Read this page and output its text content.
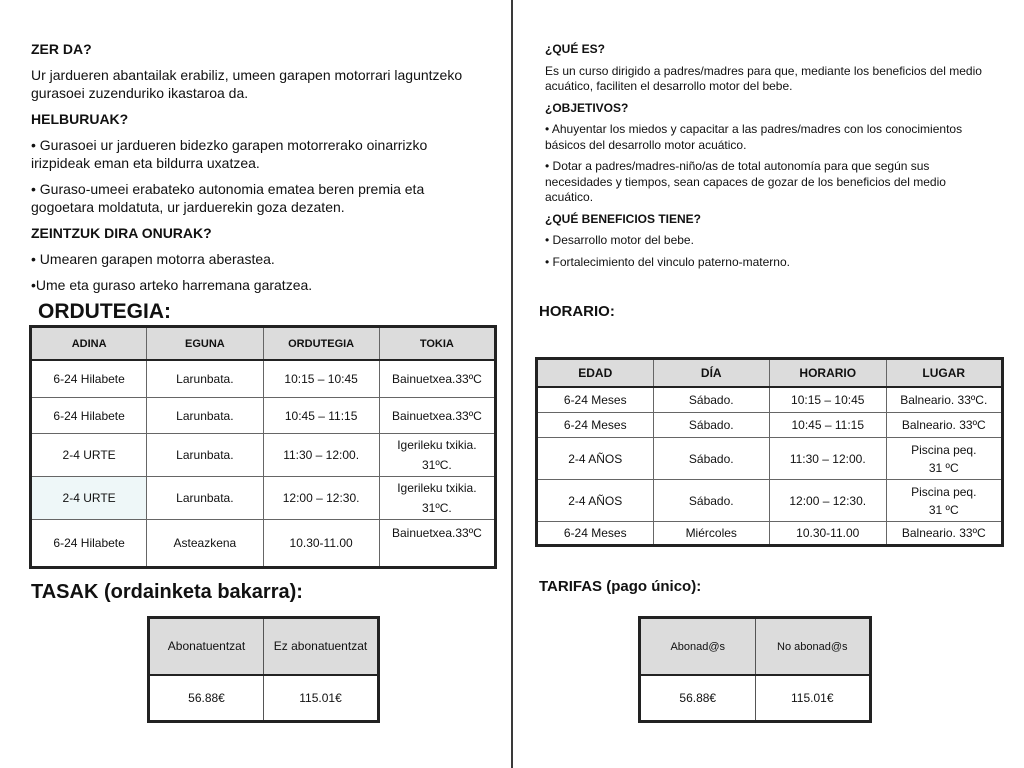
ZER DA?

Ur jardueren abantailak erabiliz, umeen garapen motorrari laguntzeko gurasoei zuzenduriko ikastaroa da.

HELBURUAK?

• Gurasoei ur jardueren bidezko garapen motorrerako oinarrizko irizpideak eman eta bildurra uxatzea.

• Guraso-umeei erabateko autonomia ematea beren premia eta gogoetara moldatuta, ur jarduerekin goza dezaten.

ZEINTZUK DIRA ONURAK?

• Umearen garapen motorra aberastea.

•Ume eta guraso arteko harremana garatzea.

ORDUTEGIA:
ADINA	EGUNA	ORDUTEGIA	TOKIA
6-24 Hilabete	Larunbata.	10:15 – 10:45	Bainuetxea.33ºC
6-24 Hilabete	Larunbata.	10:45 – 11:15	Bainuetxea.33ºC
2-4 URTE	Larunbata.	11:30 – 12:00.	Igerileku txikia.
31ºC.

2-4 URTE	Larunbata.	12:00 – 12:30.	Igerileku txikia.
31ºC.

6-24 Hilabete	Asteazkena	10.30-11.00	Bainuetxea.33ºC
TASAK (ordainketa bakarra):
Abonatuentzat	Ez abonatuentzat
56.88€	115.01€

¿QUÉ ES?

Es un curso dirigido a padres/madres para que, mediante los beneficios del medio acuático, faciliten el desarrollo motor del bebe.

¿OBJETIVOS?

• Ahuyentar los miedos y capacitar a las padres/madres con los conocimientos básicos del desarrollo motor acuático.

• Dotar a padres/madres-niño/as de total autonomía para que según sus necesidades y tiempos, sean capaces de gozar de los beneficios del medio acuático.

¿QUÉ BENEFICIOS TIENE?

• Desarrollo motor del bebe.

• Fortalecimiento del vinculo paterno-materno.

HORARIO:
EDAD	DÍA	HORARIO	LUGAR
6-24 Meses	Sábado.	10:15 – 10:45	Balneario. 33ºC.
6-24 Meses	Sábado.	10:45 – 11:15	Balneario. 33ºC
2-4 AÑOS	Sábado.	11:30 – 12:00.	Piscina peq.
31 ºC

2-4 AÑOS	Sábado.	12:00 – 12:30.	Piscina peq.
31 ºC

6-24 Meses	Miércoles	10.30-11.00	Balneario. 33ºC
TARIFAS (pago único):
Abonad@s	No abonad@s
56.88€	115.01€
